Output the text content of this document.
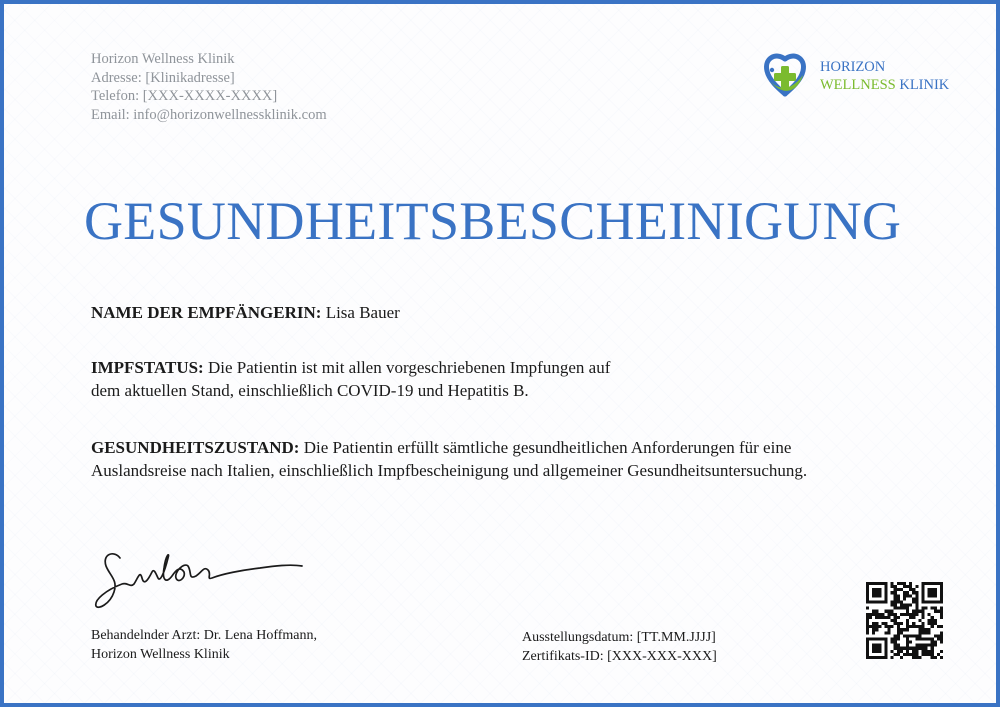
Horizon Wellness Klinik
Adresse: [Klinikadresse]
Telefon: [XXX-XXXX-XXXX]
Email: info@horizonwellnessklinik.com
HORIZON
WELLNESS KLINIK
GESUNDHEITSBESCHEINIGUNG
NAME DER EMPFÄNGERIN: Lisa Bauer
IMPFSTATUS: Die Patientin ist mit allen vorgeschriebenen Impfungen auf dem aktuellen Stand, einschließlich COVID-19 und Hepatitis B.
GESUNDHEITSZUSTAND: Die Patientin erfüllt sämtliche gesundheitlichen Anforderungen für eine Auslandsreise nach Italien, einschließlich Impfbescheinigung und allgemeiner Gesundheitsuntersuchung.
Behandelnder Arzt: Dr. Lena Hoffmann,
Horizon Wellness Klinik
Ausstellungsdatum: [TT.MM.JJJJ]
Zertifikats-ID: [XXX-XXX-XXX]
